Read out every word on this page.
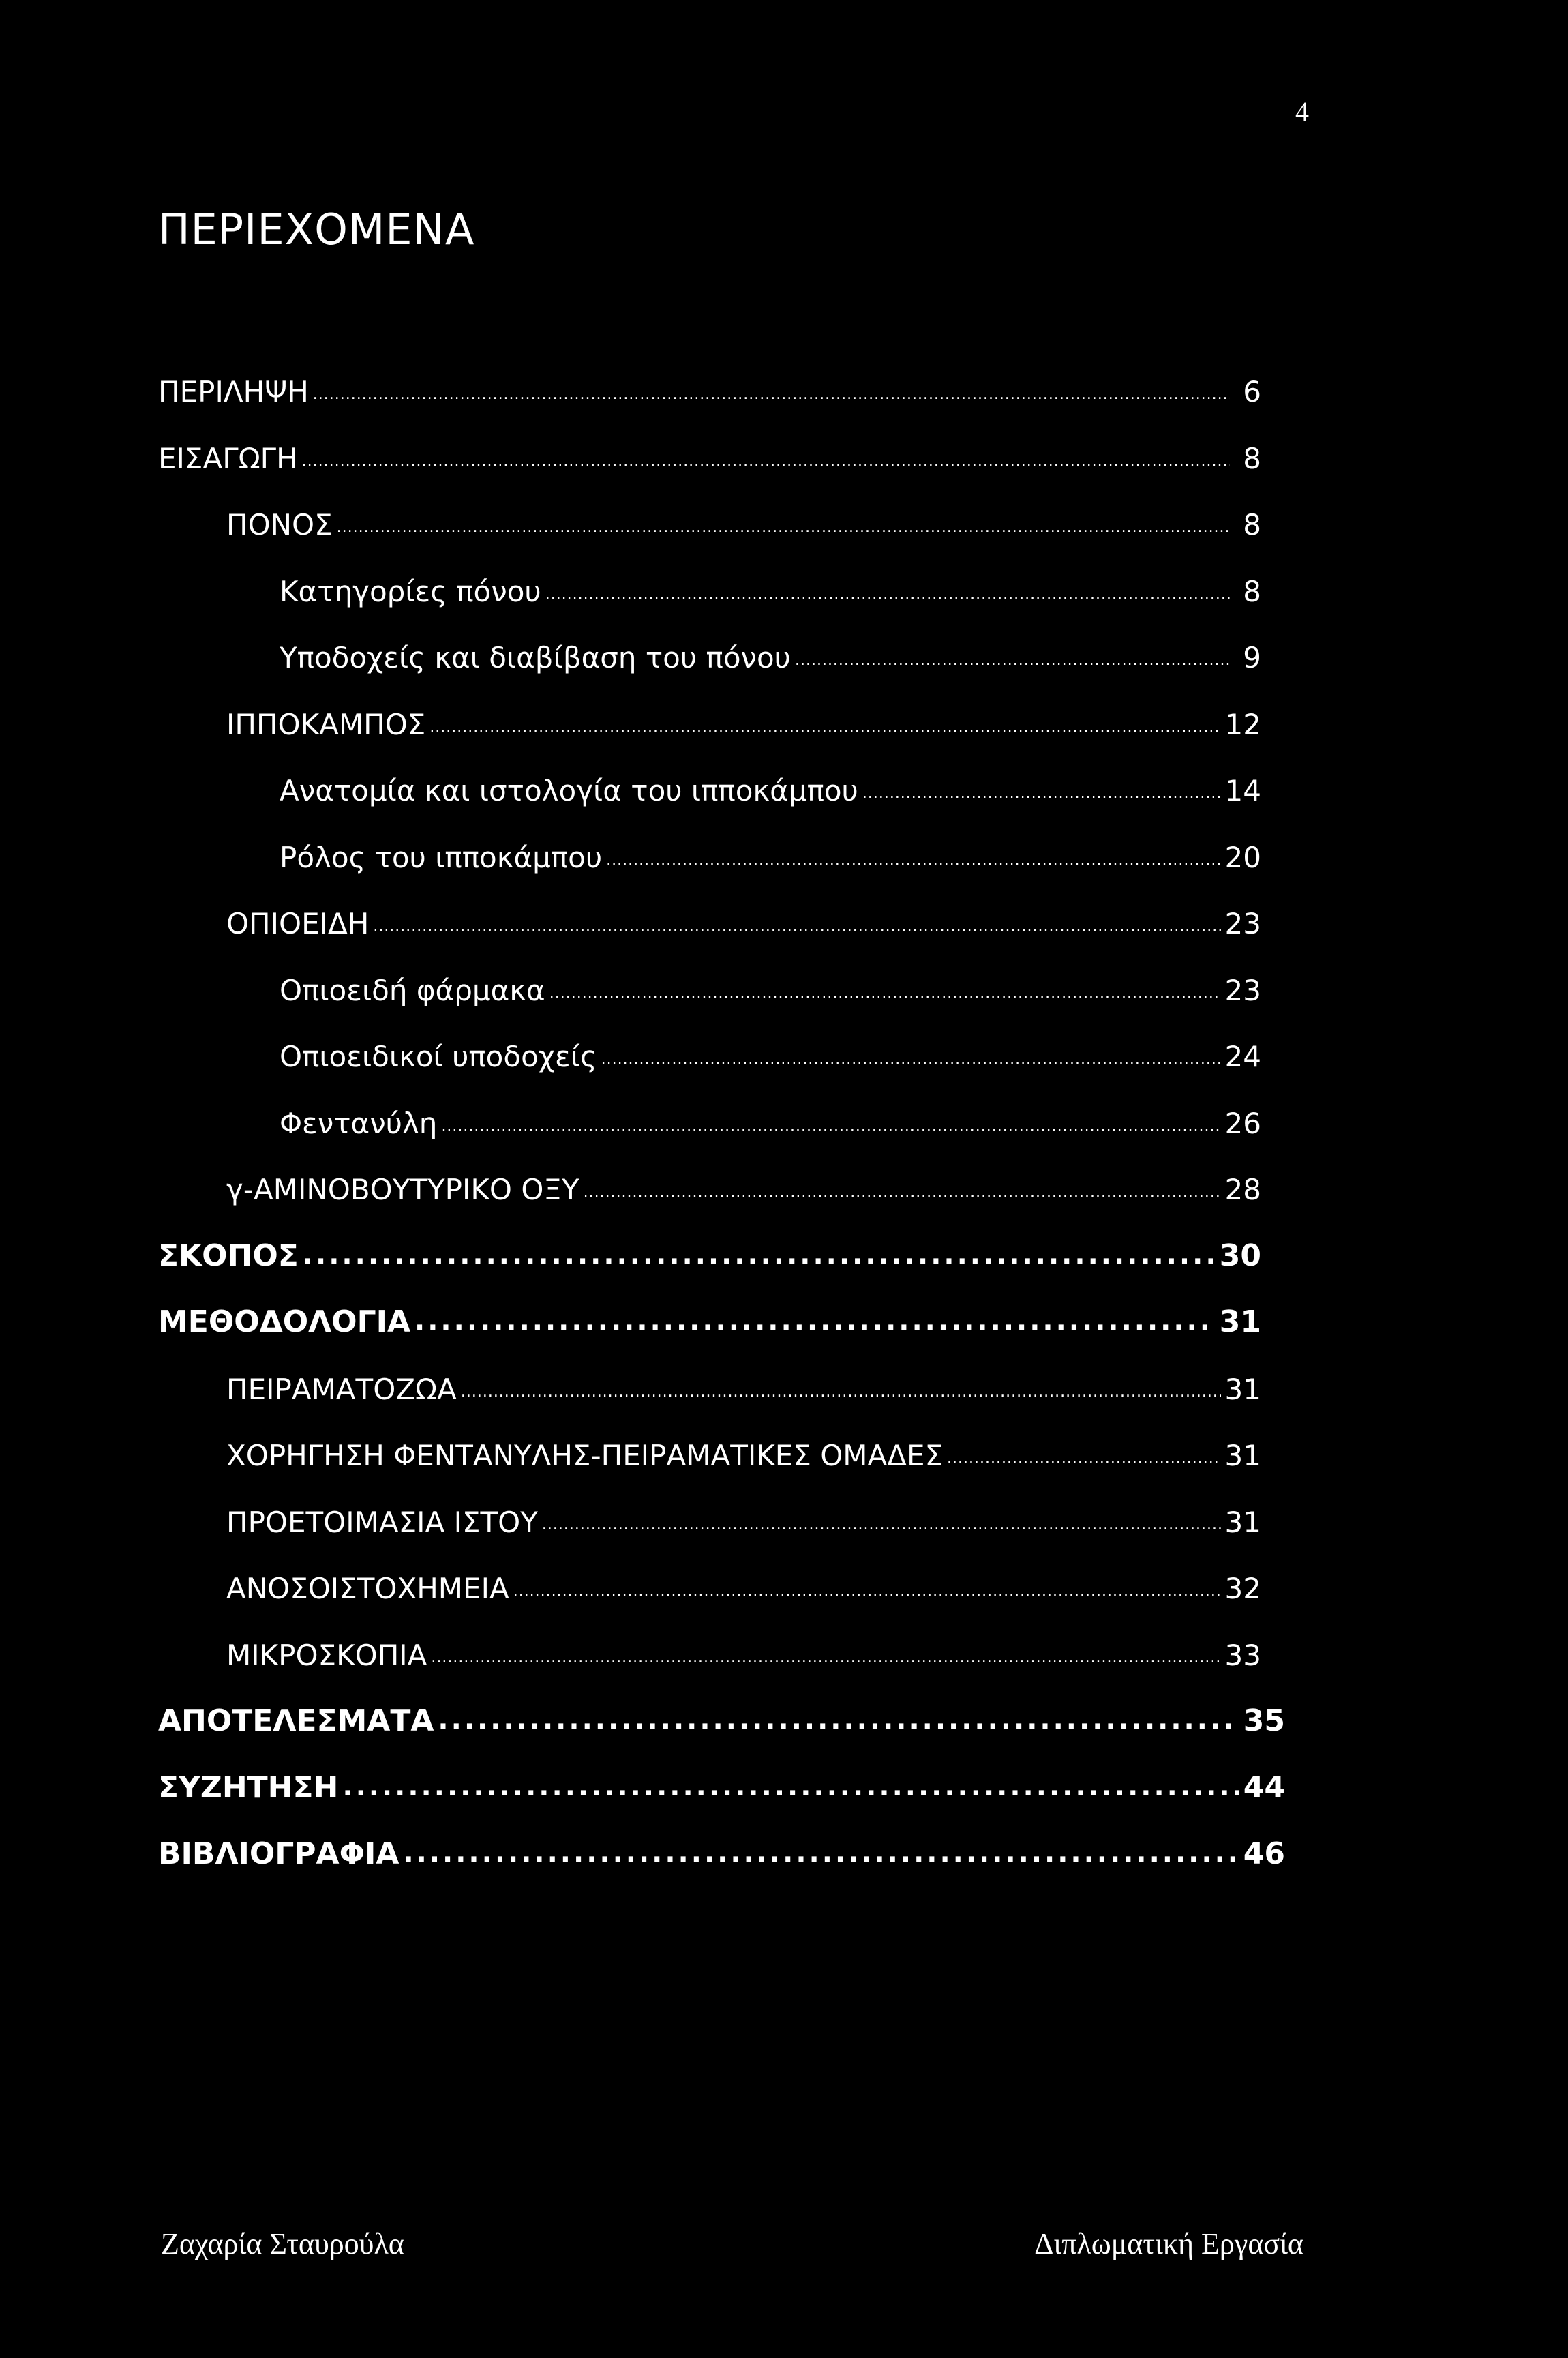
4
ΠΕΡΙΕΧΟΜΕΝΑ
ΠΕΡΙΛΗΨΗ .....	6
ΕΙΣΑΓΩΓΗ .....	8
ΠΟΝΟΣ .....	8
Κατηγορίες πόνου .....	8
Υποδοχείς και διαβίβαση του πόνου .....	9
ΙΠΠΟΚΑΜΠΟΣ .....	12
Ανατομία και ιστολογία του ιπποκάμπου .....	14
Ρόλος του ιπποκάμπου .....	20
ΟΠΙΟΕΙΔΗ .....	23
Οπιοειδή φάρμακα .....	23
Οπιοειδικοί υποδοχείς .....	24
Φεντανύλη .....	26
γ-ΑΜΙΝΟΒΟΥΤΥΡΙΚΟ ΟΞΥ .....	28
ΣΚΟΠΟΣ .....	30
ΜΕΘΟΔΟΛΟΓΙΑ .....	31
ΠΕΙΡΑΜΑΤΟΖΩΑ .....	31
ΧΟΡΗΓΗΣΗ ΦΕΝΤΑΝΥΛΗΣ-ΠΕΙΡΑΜΑΤΙΚΕΣ ΟΜΑΔΕΣ .....	31
ΠΡΟΕΤΟΙΜΑΣΙΑ ΙΣΤΟΥ .....	31
ΑΝΟΣΟΙΣΤΟΧΗΜΕΙΑ .....	32
ΜΙΚΡΟΣΚΟΠΙΑ .....	33
ΑΠΟΤΕΛΕΣΜΑΤΑ .....	35
ΣΥΖΗΤΗΣΗ .....	44
ΒΙΒΛΙΟΓΡΑΦΙΑ .....	46
Ζαχαρία Σταυρούλα	Διπλωματική Εργασία
